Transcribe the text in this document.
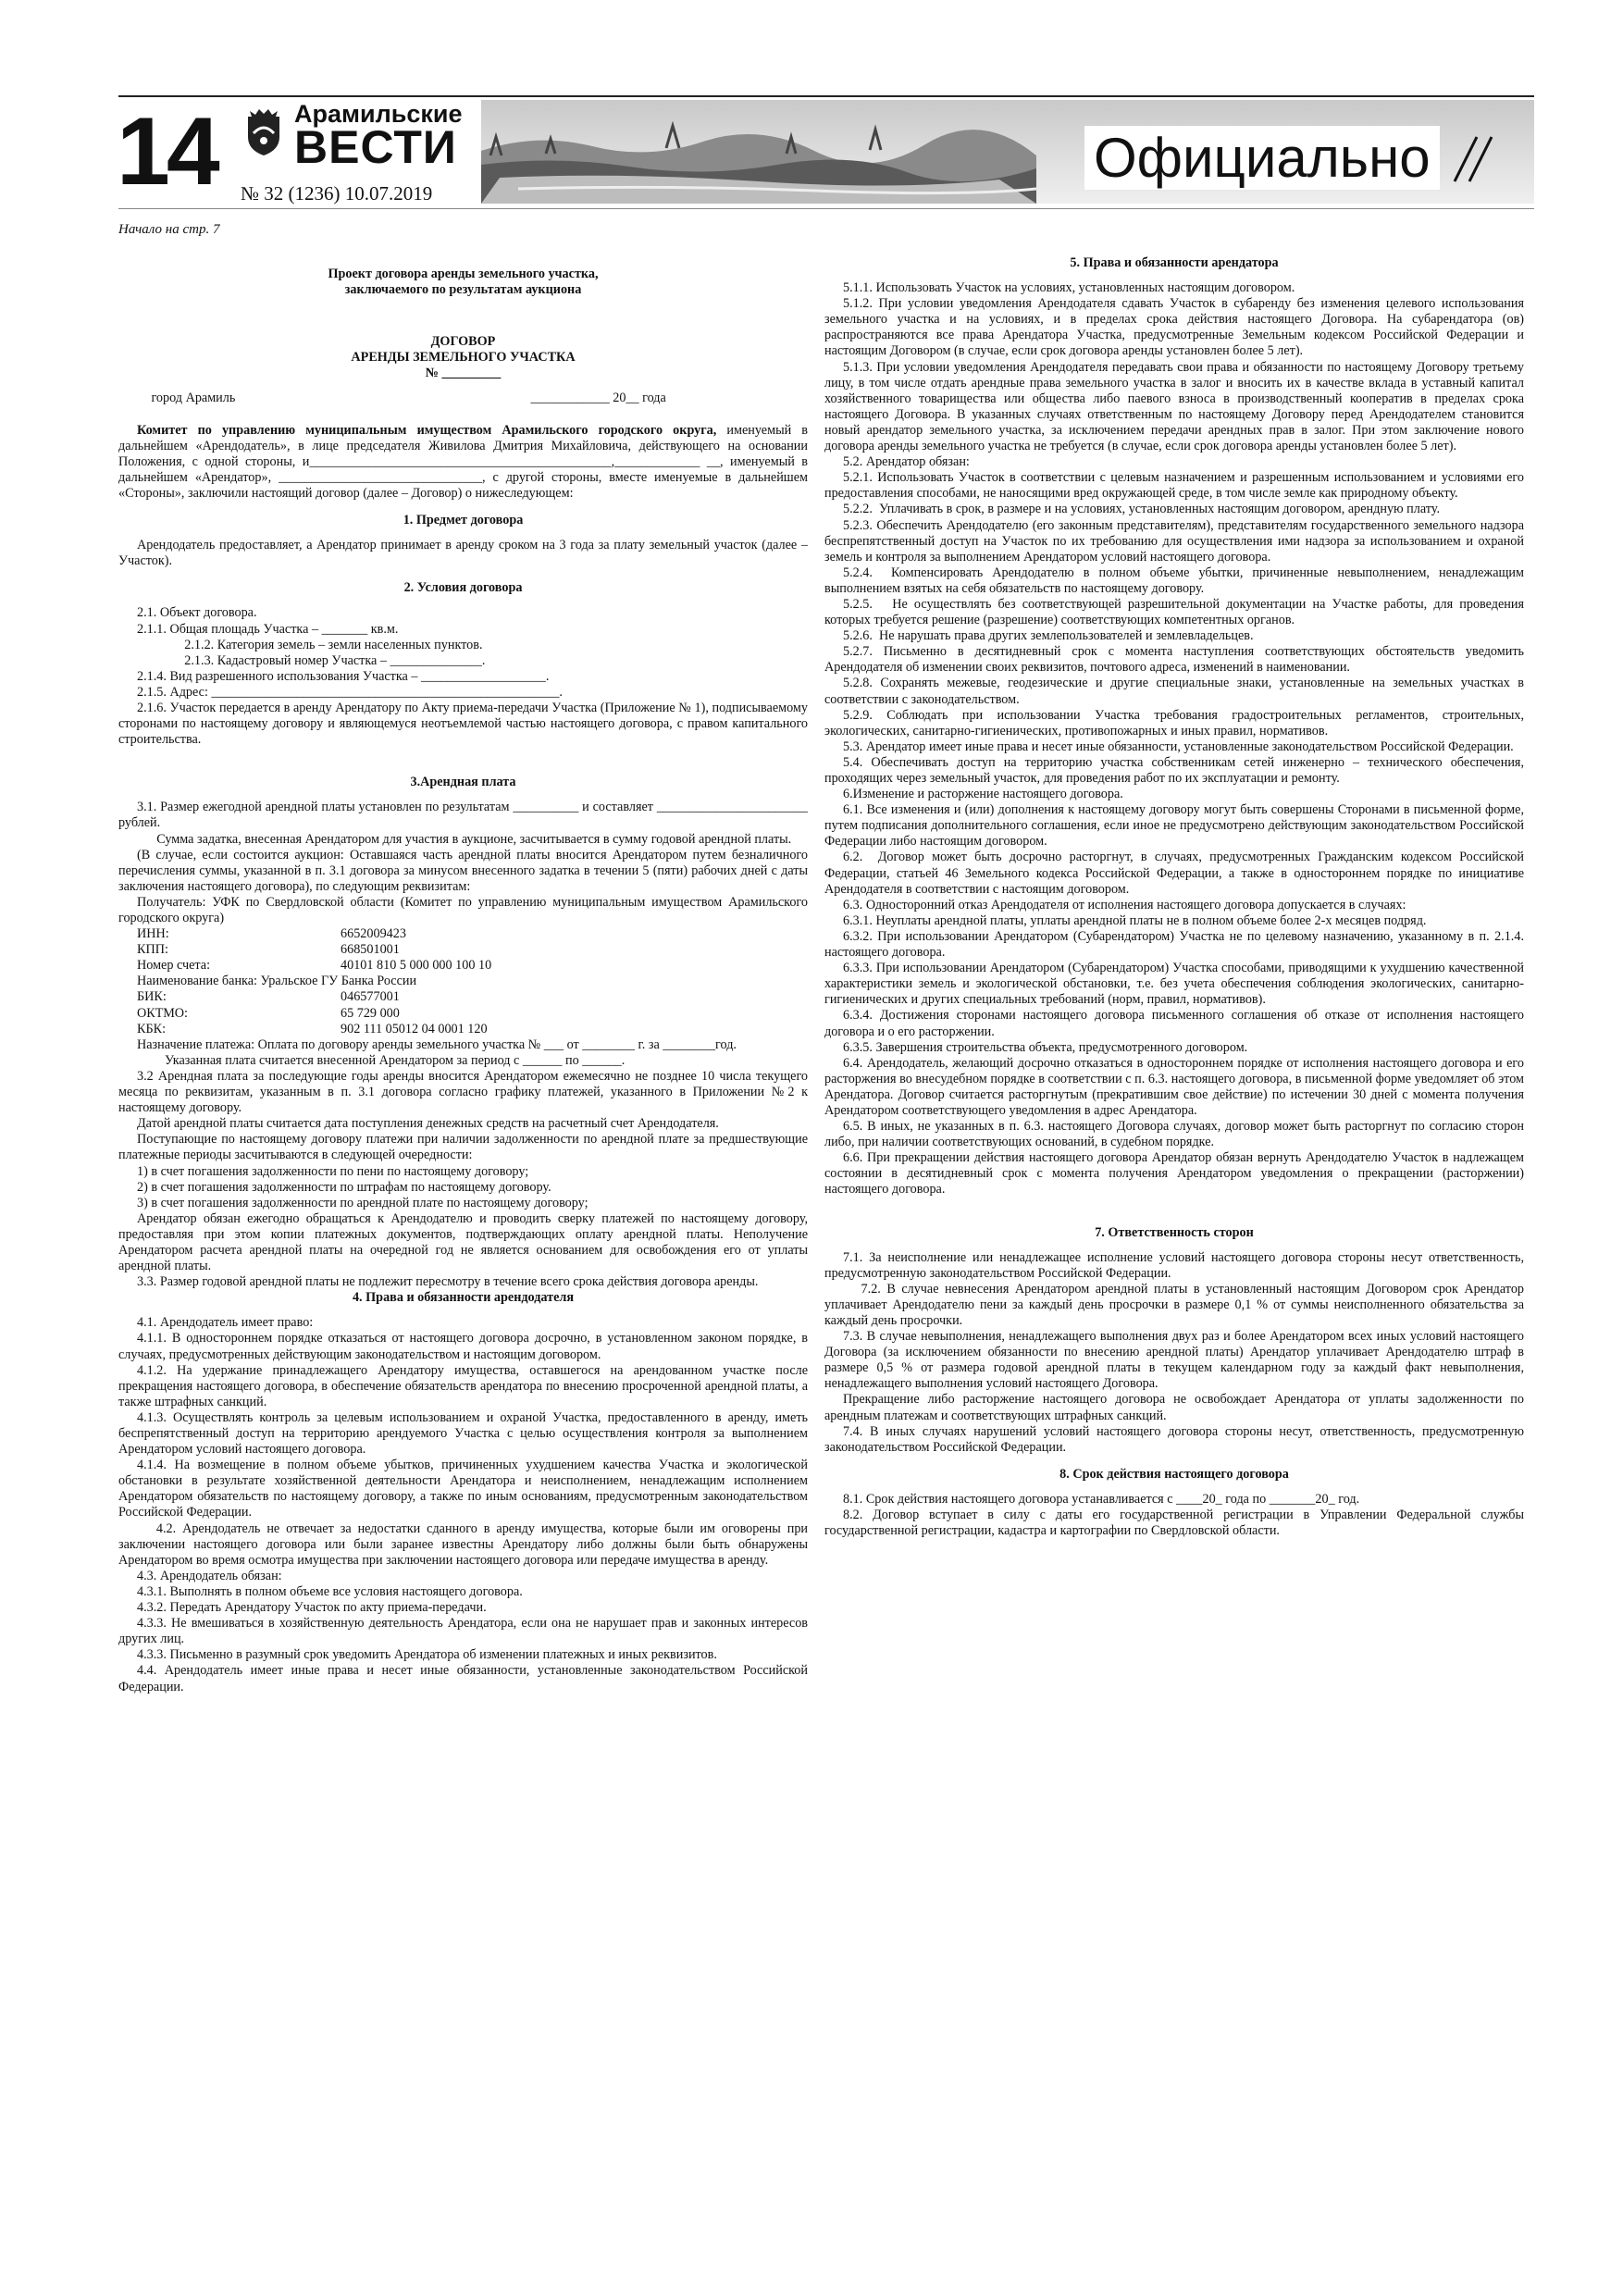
14	Арамильские
ВЕСТИ
№ 32 (1236) 10.07.2019
Официально
Начало на стр. 7

Проект договора аренды земельного участка,
заключаемого по результатам аукциона

ДОГОВОР
АРЕНДЫ ЗЕМЕЛЬНОГО УЧАСТКА
№ _________

город Арамиль                                                                                          ____________ 20__ года

Комитет по управлению муниципальным имуществом Арамильского городского округа, именуемый в дальнейшем «Арендодатель», в лице председателя Живилова Дмитрия Михайловича, действующего на основании Положения, с одной стороны, и______________________________________________,_____________ __, именуемый в дальнейшем «Арендатор», _______________________________, с другой стороны, вместе именуемые в дальнейшем «Стороны», заключили настоящий договор (далее – Договор) о нижеследующем:

1. Предмет договора

Арендодатель предоставляет, а Арендатор принимает в аренду сроком на 3 года за плату земельный участок (далее – Участок).

2. Условия договора

2.1. Объект договора.

2.1.1. Общая площадь Участка – _______ кв.м.

2.1.2. Категория земель – земли населенных пунктов.

2.1.3. Кадастровый номер Участка – ______________.

2.1.4. Вид разрешенного использования Участка – ___________________.

2.1.5. Адрес: _____________________________________________________.

2.1.6. Участок передается в аренду Арендатору по Акту приема-передачи Участка (Приложение № 1), подписываемому сторонами по настоящему договору и являющемуся неотъемлемой частью настоящего договора, с правом капитального строительства.

3.Арендная плата

3.1. Размер ежегодной арендной платы установлен по результатам __________ и составляет _______________________ рублей.

Сумма задатка, внесенная Арендатором для участия в аукционе, засчитывается в сумму годовой арендной платы.

(В случае, если состоится аукцион: Оставшаяся часть арендной платы вносится Арендатором путем безналичного перечисления суммы, указанной в п. 3.1 договора за минусом внесенного задатка в течении 5 (пяти) рабочих дней с даты заключения настоящего договора), по следующим реквизитам:

Получатель: УФК по Свердловской области (Комитет по управлению муниципальным имуществом Арамильского городского округа)

ИНН:	6652009423
КПП:	668501001
Номер счета:	40101 810 5 000 000 100 10

Наименование банка: Уральское ГУ Банка России

БИК:	046577001
ОКТМО:	65 729 000
КБК:	902 111 05012 04 0001 120

Назначение платежа: Оплата по договору аренды земельного участка № ___ от ________ г. за ________год.

Указанная плата считается внесенной Арендатором за период с ______ по ______.

3.2 Арендная плата за последующие годы аренды вносится Арендатором ежемесячно не позднее 10 числа текущего месяца по реквизитам, указанным в п. 3.1 договора согласно графику платежей, указанного в Приложении №2 к настоящему договору.

Датой арендной платы считается дата поступления денежных средств на расчетный счет Арендодателя.

Поступающие по настоящему договору платежи при наличии задолженности по арендной плате за предшествующие платежные периоды засчитываются в следующей очередности:

1) в счет погашения задолженности по пени по настоящему договору;

2) в счет погашения задолженности по штрафам по настоящему договору.

3) в счет погашения задолженности по арендной плате по настоящему договору;

Арендатор обязан ежегодно обращаться к Арендодателю и проводить сверку платежей по настоящему договору, предоставляя при этом копии платежных документов, подтверждающих оплату арендной платы. Неполучение Арендатором расчета арендной платы на очередной год не является основанием для освобождения его от уплаты арендной платы.

3.3. Размер годовой арендной платы не подлежит пересмотру в течение всего срока действия договора аренды.

4. Права и обязанности арендодателя

4.1. Арендодатель имеет право:

4.1.1. В одностороннем порядке отказаться от настоящего договора досрочно, в установленном законом порядке, в случаях, предусмотренных действующим законодательством и настоящим договором.

4.1.2. На удержание принадлежащего Арендатору имущества, оставшегося на арендованном участке после прекращения настоящего договора, в обеспечение обязательств арендатора по внесению просроченной арендной платы, а также штрафных санкций.

4.1.3. Осуществлять контроль за целевым использованием и охраной Участка, предоставленного в аренду, иметь беспрепятственный доступ на территорию арендуемого Участка с целью осуществления контроля за выполнением Арендатором условий настоящего договора.

4.1.4. На возмещение в полном объеме убытков, причиненных ухудшением качества Участка и экологической обстановки в результате хозяйственной деятельности Арендатора и неисполнением, ненадлежащим исполнением Арендатором обязательств по настоящему договору, а также по иным основаниям, предусмотренным законодательством Российской Федерации.

4.2. Арендодатель не отвечает за недостатки сданного в аренду имущества, которые были им оговорены при заключении настоящего договора или были заранее известны Арендатору либо должны были быть обнаружены Арендатором во время осмотра имущества при заключении настоящего договора или передаче имущества в аренду.

4.3. Арендодатель обязан:

4.3.1. Выполнять в полном объеме все условия настоящего договора.

4.3.2. Передать Арендатору Участок по акту приема-передачи.

4.3.3. Не вмешиваться в хозяйственную деятельность Арендатора, если она не нарушает прав и законных интересов других лиц.

4.3.3. Письменно в разумный срок уведомить Арендатора об изменении платежных и иных реквизитов.

4.4. Арендодатель имеет иные права и несет иные обязанности, установленные законодательством Российской Федерации.

5. Права и обязанности арендатора

5.1.1. Использовать Участок на условиях, установленных настоящим договором.

5.1.2. При условии уведомления Арендодателя сдавать Участок в субаренду без изменения целевого использования земельного участка и на условиях, и в пределах срока действия настоящего Договора. На субарендатора (ов) распространяются все права Арендатора Участка, предусмотренные Земельным кодексом Российской Федерации и настоящим Договором (в случае, если срок договора аренды установлен более 5 лет).

5.1.3. При условии уведомления Арендодателя передавать свои права и обязанности по настоящему Договору третьему лицу, в том числе отдать арендные права земельного участка в залог и вносить их в качестве вклада в уставный капитал хозяйственного товарищества или общества либо паевого взноса в производственный кооператив в пределах срока настоящего Договора. В указанных случаях ответственным по настоящему Договору перед Арендодателем становится новый арендатор земельного участка, за исключением передачи арендных прав в залог. При этом заключение нового договора аренды земельного участка не требуется (в случае, если срок договора аренды установлен более 5 лет).

5.2. Арендатор обязан:

5.2.1. Использовать Участок в соответствии с целевым назначением и разрешенным использованием и условиями его предоставления способами, не наносящими вред окружающей среде, в том числе земле как природному объекту.

5.2.2.  Уплачивать в срок, в размере и на условиях, установленных настоящим договором, арендную плату.

5.2.3. Обеспечить Арендодателю (его законным представителям), представителям государственного земельного надзора беспрепятственный доступ на Участок по их требованию для осуществления ими надзора за использованием и охраной земель и контроля за выполнением Арендатором условий настоящего договора.

5.2.4.  Компенсировать Арендодателю в полном объеме убытки, причиненные невыполнением, ненадлежащим выполнением взятых на себя обязательств по настоящему договору.

5.2.5.   Не осуществлять без соответствующей разрешительной документации на Участке работы, для проведения которых требуется решение (разрешение) соответствующих компетентных органов.

5.2.6.  Не нарушать права других землепользователей и землевладельцев.

5.2.7. Письменно в десятидневный срок с момента наступления соответствующих обстоятельств уведомить Арендодателя об изменении своих реквизитов, почтового адреса, изменений в наименовании.

5.2.8. Сохранять межевые, геодезические и другие специальные знаки, установленные на земельных участках в соответствии с законодательством.

5.2.9. Соблюдать при использовании Участка требования градостроительных регламентов, строительных, экологических, санитарно-гигиенических, противопожарных и иных правил, нормативов.

5.3. Арендатор имеет иные права и несет иные обязанности, установленные законодательством Российской Федерации.

5.4. Обеспечивать доступ на территорию участка собственникам сетей инженерно – технического обеспечения, проходящих через земельный участок, для проведения работ по их эксплуатации и ремонту.

6.Изменение и расторжение настоящего договора.

6.1. Все изменения и (или) дополнения к настоящему договору могут быть совершены Сторонами в письменной форме, путем подписания дополнительного соглашения, если иное не предусмотрено действующим законодательством Российской Федерации либо настоящим договором.

6.2.  Договор может быть досрочно расторгнут, в случаях, предусмотренных Гражданским кодексом Российской Федерации, статьей 46 Земельного кодекса Российской Федерации, а также в одностороннем порядке по инициативе Арендодателя в соответствии с настоящим договором.

6.3. Односторонний отказ Арендодателя от исполнения настоящего договора допускается в случаях:

6.3.1. Неуплаты арендной платы, уплаты арендной платы не в полном объеме более 2-х месяцев подряд.

6.3.2. При использовании Арендатором (Субарендатором) Участка не по целевому назначению, указанному в п. 2.1.4. настоящего договора.

6.3.3. При использовании Арендатором (Субарендатором) Участка способами, приводящими к ухудшению качественной характеристики земель и экологической обстановки, т.е. без учета обеспечения соблюдения экологических, санитарно-гигиенических и других специальных требований (норм, правил, нормативов).

6.3.4. Достижения сторонами настоящего договора письменного соглашения об отказе от исполнения настоящего договора и о его расторжении.

6.3.5. Завершения строительства объекта, предусмотренного договором.

6.4. Арендодатель, желающий досрочно отказаться в одностороннем порядке от исполнения настоящего договора и его расторжения во внесудебном порядке в соответствии с п. 6.3. настоящего договора, в письменной форме уведомляет об этом Арендатора. Договор считается расторгнутым (прекратившим свое действие) по истечении 30 дней с момента получения Арендатором соответствующего уведомления в адрес Арендатора.

6.5. В иных, не указанных в п. 6.3. настоящего Договора случаях, договор может быть расторгнут по согласию сторон либо, при наличии соответствующих оснований, в судебном порядке.

6.6. При прекращении действия настоящего договора Арендатор обязан вернуть Арендодателю Участок в надлежащем состоянии в десятидневный срок с момента получения Арендатором уведомления о прекращении (расторжении) настоящего договора.

7. Ответственность сторон

7.1. За неисполнение или ненадлежащее исполнение условий настоящего договора стороны несут ответственность, предусмотренную законодательством Российской Федерации.

7.2. В случае невнесения Арендатором арендной платы в установленный настоящим Договором срок Арендатор уплачивает Арендодателю пени за каждый день просрочки в размере 0,1 % от суммы неисполненного обязательства за каждый день просрочки.

7.3. В случае невыполнения, ненадлежащего выполнения двух раз и более Арендатором всех иных условий настоящего Договора (за исключением обязанности по внесению арендной платы) Арендатор уплачивает Арендодателю штраф в размере 0,5 % от размера годовой арендной платы в текущем календарном году за каждый факт невыполнения, ненадлежащего выполнения условий настоящего Договора.

Прекращение либо расторжение настоящего договора не освобождает Арендатора от уплаты задолженности по арендным платежам и соответствующих штрафных санкций.

7.4. В иных случаях нарушений условий настоящего договора стороны несут, ответственность, предусмотренную законодательством Российской Федерации.

8. Срок действия настоящего договора

8.1. Срок действия настоящего договора устанавливается с ____20_ года по _______20_ год.

8.2. Договор вступает в силу с даты его государственной регистрации в Управлении Федеральной службы государственной регистрации, кадастра и картографии по Свердловской области.
